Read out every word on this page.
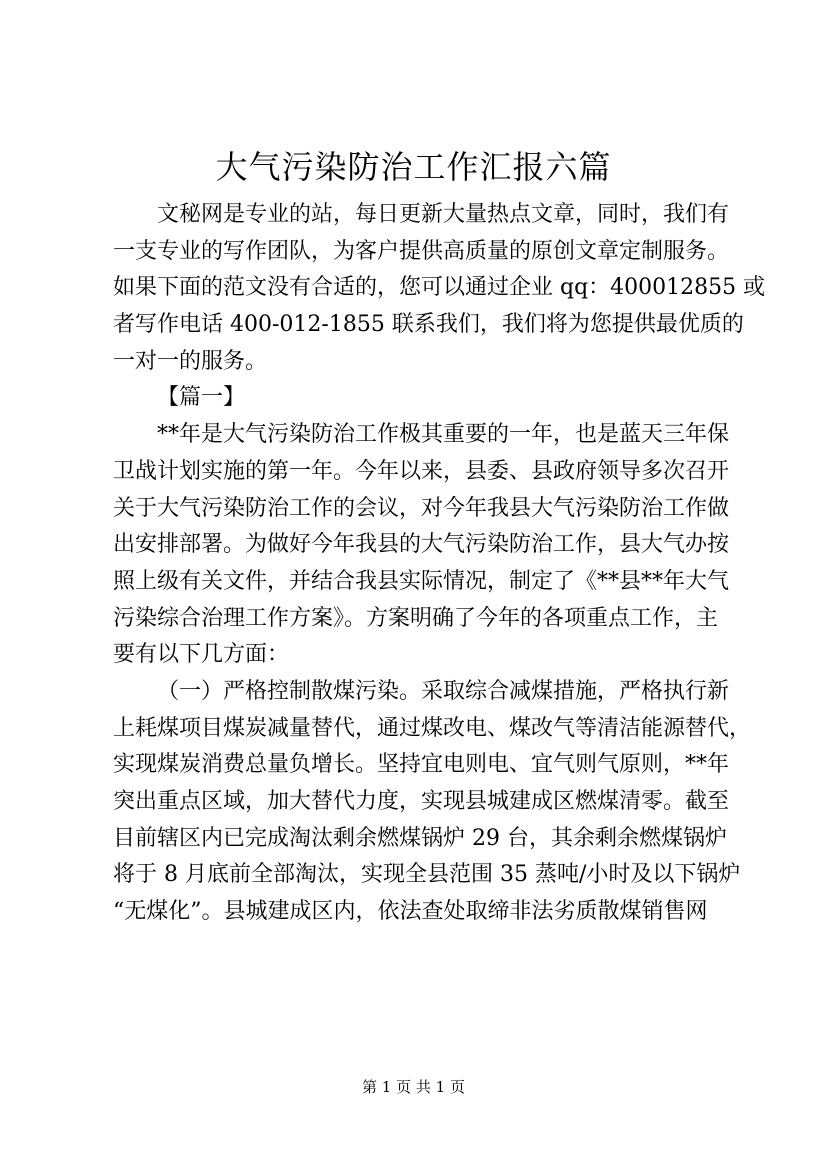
大气污染防治工作汇报六篇
文秘网是专业的站，每日更新大量热点文章，同时，我们有
一支专业的写作团队，为客户提供高质量的原创文章定制服务。
如果下面的范文没有合适的，您可以通过企业 qq：400012855 或
者写作电话 400-012-1855 联系我们，我们将为您提供最优质的
一对一的服务。
【篇一】
**年是大气污染防治工作极其重要的一年，也是蓝天三年保
卫战计划实施的第一年。今年以来，县委、县政府领导多次召开
关于大气污染防治工作的会议，对今年我县大气污染防治工作做
出安排部署。为做好今年我县的大气污染防治工作，县大气办按
照上级有关文件，并结合我县实际情况，制定了《**县**年大气
污染综合治理工作方案》。方案明确了今年的各项重点工作，主
要有以下几方面：
（一）严格控制散煤污染。采取综合减煤措施，严格执行新
上耗煤项目煤炭减量替代，通过煤改电、煤改气等清洁能源替代，
实现煤炭消费总量负增长。坚持宜电则电、宜气则气原则，**年
突出重点区域，加大替代力度，实现县城建成区燃煤清零。截至
目前辖区内已完成淘汰剩余燃煤锅炉 29 台，其余剩余燃煤锅炉
将于 8 月底前全部淘汰，实现全县范围 35 蒸吨/小时及以下锅炉
“无煤化”。县城建成区内，依法查处取缔非法劣质散煤销售网
第 1 页 共 1 页
